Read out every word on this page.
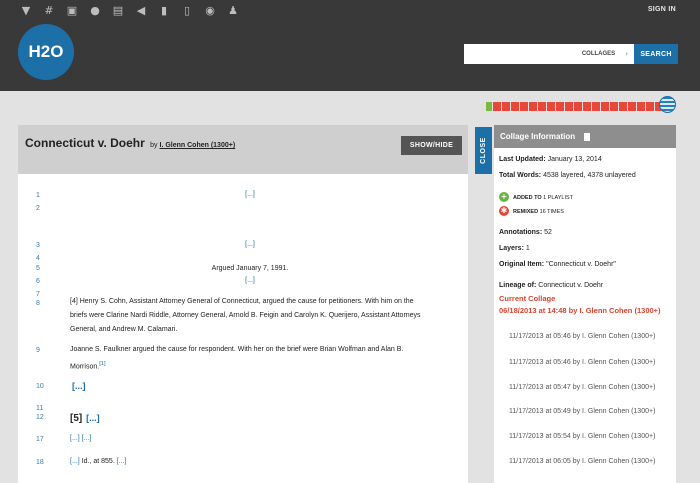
▼	#	▣ ● ▤	◀	▮	▯	◉ ♟	SIGN IN
H2O	COLLAGES ›	SEARCH
Connecticut v. Doehr by I. Glenn Cohen (1300+)	SHOW/HIDE
1	[...]
2
3	[...]
4
5	Argued January 7, 1991.
6	[...]
7
8	[4] Henry S. Cohn, Assistant Attorney General of Connecticut, argued the cause for petitioners. With him on the briefs were Clarine Nardi Riddle, Attorney General, Arnold B. Feigin and Carolyn K. Querijero, Assistant Attorneys General, and Andrew M. Calamari.
9	Joanne S. Faulkner argued the cause for respondent. With her on the brief were Brian Wolfman and Alan B. Morrison.[1]
10	[...]
11
12	[5] [...]
17	[...] [...]
18	[...] Id., at 855. [...]
CLOSE
Collage Information
Last Updated: January 13, 2014
Total Words: 4538 layered, 4378 unlayered
+ ADDED TO 1 PLAYLIST
✱ REMIXED 16 TIMES
Annotations: 52
Layers: 1
Original Item: "Connecticut v. Doehr"
Lineage of: Connecticut v. Doehr
Current Collage
06/18/2013 at 14:48 by I. Glenn Cohen (1300+)
11/17/2013 at 05:46 by I. Glenn Cohen (1300+)
11/17/2013 at 05:46 by I. Glenn Cohen (1300+)
11/17/2013 at 05:47 by I. Glenn Cohen (1300+)
11/17/2013 at 05:49 by I. Glenn Cohen (1300+)
11/17/2013 at 05:54 by I. Glenn Cohen (1300+)
11/17/2013 at 06:05 by I. Glenn Cohen (1300+)
